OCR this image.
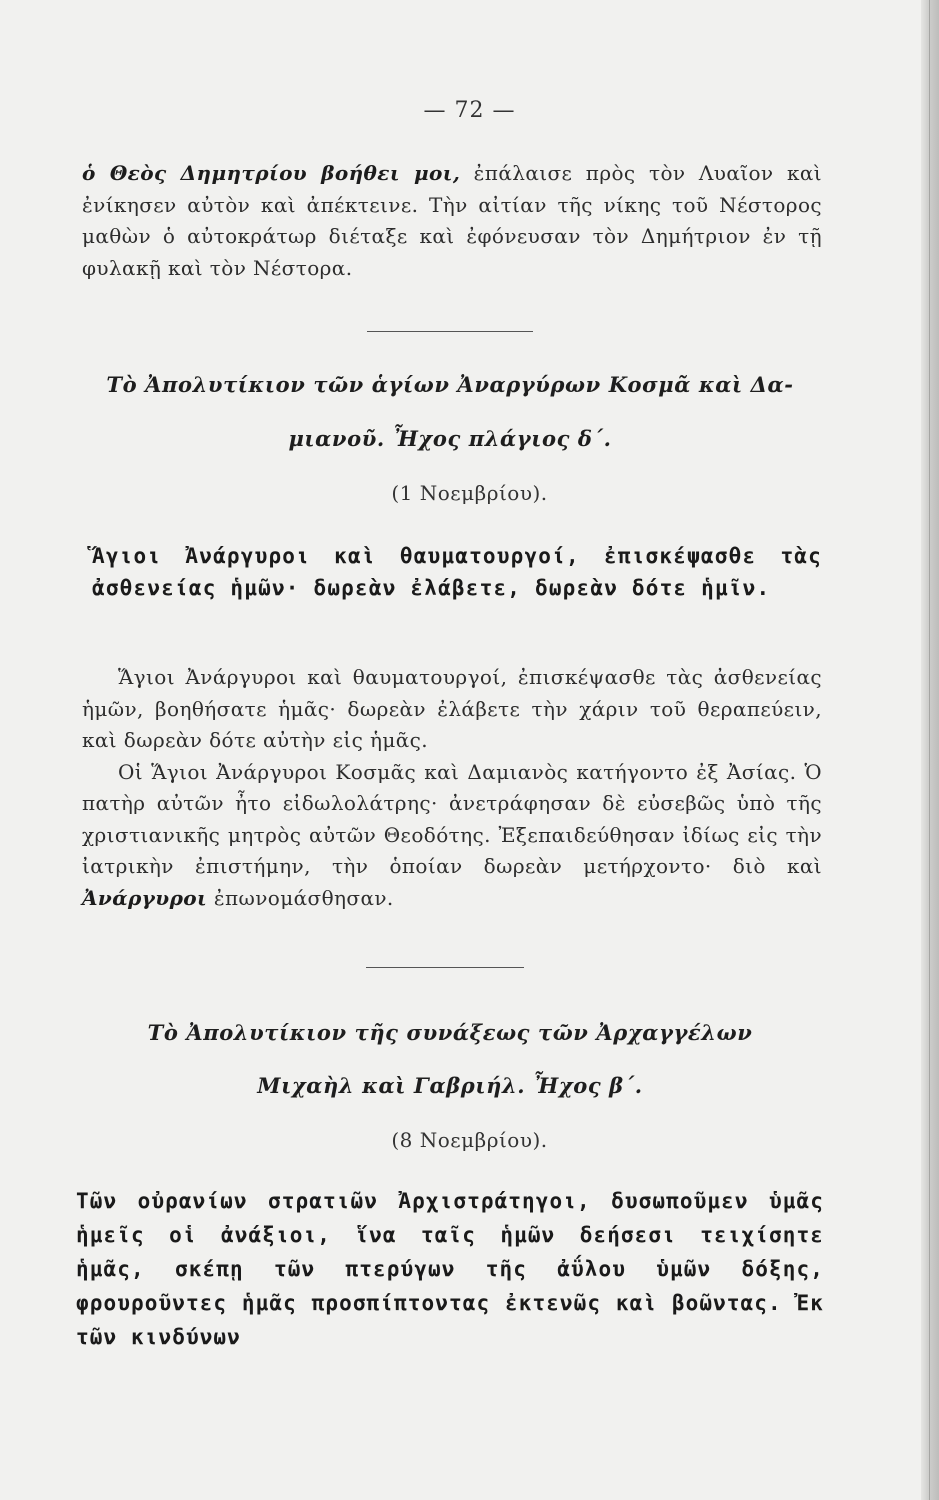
— 72 —

ὁ Θεὸς Δημητρίου βοήθει μοι, ἐπάλαισε πρὸς τὸν Λυαῖον καὶ ἐνίκησεν αὐτὸν καὶ ἀπέκτεινε. Τὴν αἰτίαν τῆς νίκης τοῦ Νέστορος μαθὼν ὁ αὐτοκράτωρ διέταξε καὶ ἐφόνευσαν τὸν Δημήτριον ἐν τῇ φυλακῇ καὶ τὸν Νέστορα.

Τὸ Ἀπολυτίκιον τῶν ἁγίων Ἀναργύρων Κοσμᾶ καὶ Δα-
μιανοῦ. Ἦχος πλάγιος δ΄.
(1 Νοεμβρίου).

Ἅγιοι Ἀνάργυροι καὶ θαυματουργοί, ἐπισκέψασθε τὰς ἀσθενείας ἡμῶν· δωρεὰν ἐλάβετε, δωρεὰν δότε ἡμῖν.

Ἅγιοι Ἀνάργυροι καὶ θαυματουργοί, ἐπισκέψασθε τὰς ἀσθενείας ἡμῶν, βοηθήσατε ἡμᾶς· δωρεὰν ἐλάβετε τὴν χάριν τοῦ θεραπεύειν, καὶ δωρεὰν δότε αὐτὴν εἰς ἡμᾶς.

Οἱ Ἅγιοι Ἀνάργυροι Κοσμᾶς καὶ Δαμιανὸς κατήγοντο ἐξ Ἀσίας. Ὁ πατὴρ αὐτῶν ἦτο εἰδωλολάτρης· ἀνετράφησαν δὲ εὐσεβῶς ὑπὸ τῆς χριστιανικῆς μητρὸς αὐτῶν Θεοδότης. Ἐξεπαιδεύθησαν ἰδίως εἰς τὴν ἰατρικὴν ἐπιστήμην, τὴν ὁποίαν δωρεὰν μετήρχοντο· διὸ καὶ Ἀνάργυροι ἐπωνομάσθησαν.

Τὸ Ἀπολυτίκιον τῆς συνάξεως τῶν Ἀρχαγγέλων
Μιχαὴλ καὶ Γαβριήλ. Ἦχος β΄.
(8 Νοεμβρίου).

Τῶν οὐρανίων στρατιῶν Ἀρχιστράτηγοι, δυσωποῦμεν ὑμᾶς ἡμεῖς οἱ ἀνάξιοι, ἵνα ταῖς ἡμῶν δεήσεσι τειχίσητε ἡμᾶς, σκέπῃ τῶν πτερύγων τῆς ἀΰλου ὑμῶν δόξης, φρουροῦντες ἡμᾶς προσπίπτοντας ἐκτενῶς καὶ βοῶντας. Ἐκ τῶν κινδύνων
